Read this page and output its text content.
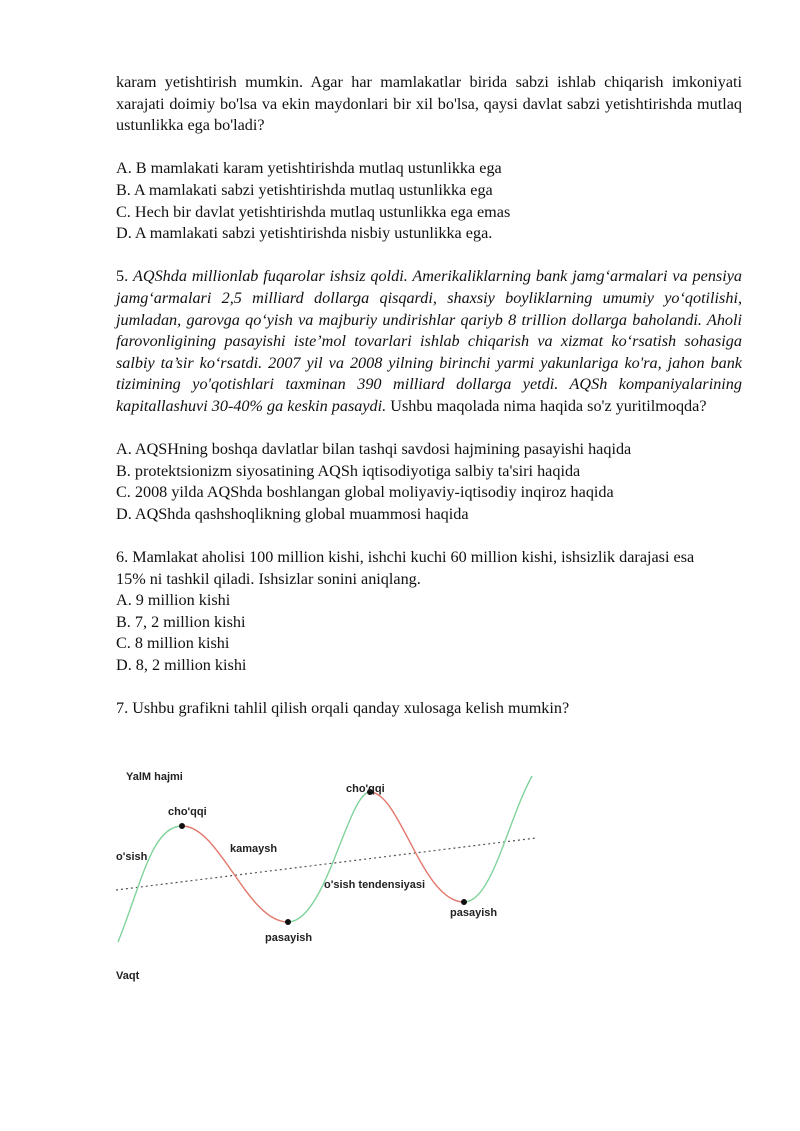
karam yetishtirish mumkin. Agar har mamlakatlar birida sabzi ishlab chiqarish imkoniyati xarajati doimiy bo'lsa va ekin maydonlari bir xil bo'lsa, qaysi davlat sabzi yetishtirishda mutlaq ustunlikka ega bo'ladi?

A. B mamlakati karam yetishtirishda mutlaq ustunlikka ega

B. A mamlakati sabzi yetishtirishda mutlaq ustunlikka ega

C. Hech bir davlat yetishtirishda mutlaq ustunlikka ega emas

D. A mamlakati sabzi yetishtirishda nisbiy ustunlikka ega.

5. AQShda millionlab fuqarolar ishsiz qoldi. Amerikaliklarning bank jamg‘armalari va pensiya jamg‘armalari 2,5 milliard dollarga qisqardi, shaxsiy boyliklarning umumiy yo‘qotilishi, jumladan, garovga qo‘yish va majburiy undirishlar qariyb 8 trillion dollarga baholandi. Aholi farovonligining pasayishi iste’mol tovarlari ishlab chiqarish va xizmat ko‘rsatish sohasiga salbiy ta’sir ko‘rsatdi. 2007 yil va 2008 yilning birinchi yarmi yakunlariga ko'ra, jahon bank tizimining yo'qotishlari taxminan 390 milliard dollarga yetdi. AQSh kompaniyalarining kapitallashuvi 30-40% ga keskin pasaydi. Ushbu maqolada nima haqida so'z yuritilmoqda?

A. AQSHning boshqa davlatlar bilan tashqi savdosi hajmining pasayishi haqida

B. protektsionizm siyosatining AQSh iqtisodiyotiga salbiy ta'siri haqida

C. 2008 yilda AQShda boshlangan global moliyaviy-iqtisodiy inqiroz haqida

D. AQShda qashshoqlikning global muammosi haqida

6. Mamlakat aholisi 100 million kishi, ishchi kuchi 60 million kishi, ishsizlik darajasi esa 15% ni tashkil qiladi. Ishsizlar sonini aniqlang.

A. 9 million kishi

B. 7, 2 million kishi

C. 8 million kishi

D. 8, 2 million kishi

7. Ushbu grafikni tahlil qilish orqali qanday xulosaga kelish mumkin?

YalM hajmi
cho'qqi
cho'qqi
o'sish
kamaysh
pasayish
pasayish
o'sish tendensiyasi
Vaqt
